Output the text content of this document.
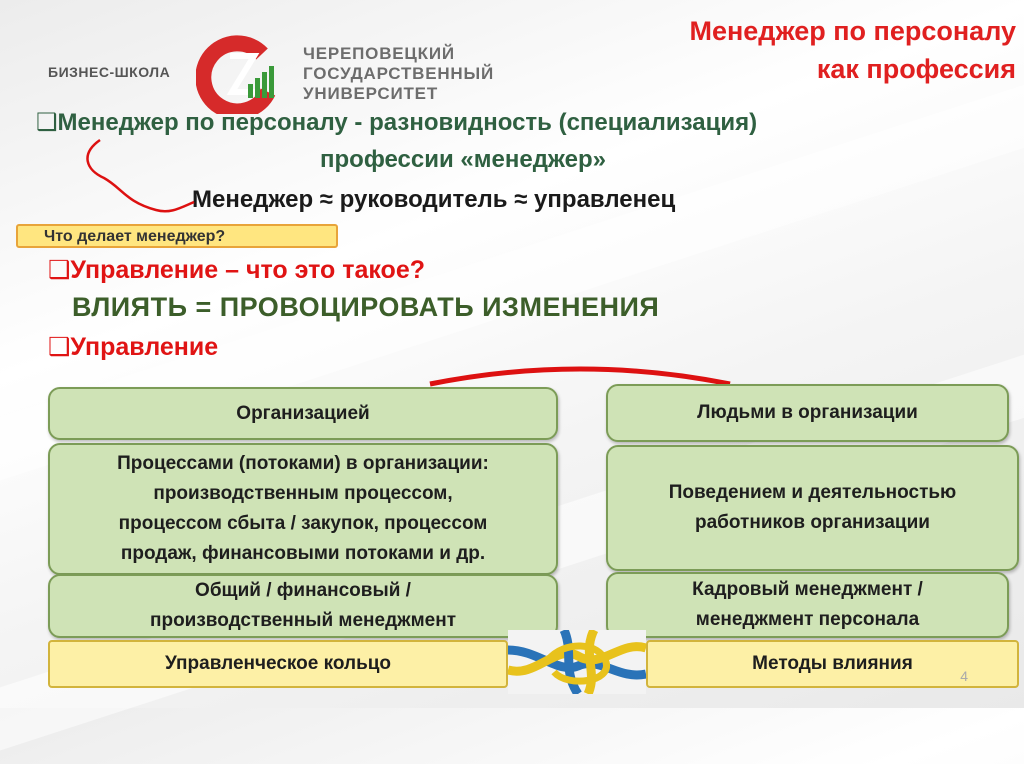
БИЗНЕС-ШКОЛА
ЧЕРЕПОВЕЦКИЙ
ГОСУДАРСТВЕННЫЙ
УНИВЕРСИТЕТ
Менеджер по персоналу
как профессия
❑Менеджер по персоналу - разновидность (специализация)
профессии «менеджер»
Менеджер ≈ руководитель ≈ управленец
Что делает менеджер?
❑Управление – что это такое?
ВЛИЯТЬ = ПРОВОЦИРОВАТЬ ИЗМЕНЕНИЯ
❑Управление
Организацией	Людьми в организации
Процессами (потоками) в организации:
производственным процессом,
процессом сбыта / закупок, процессом
продаж, финансовыми потоками и др.
Поведением и деятельностью
работников организации
Общий / финансовый /
производственный менеджмент
Кадровый менеджмент /
менеджмент персонала
Управленческое кольцо	Методы влияния
4
